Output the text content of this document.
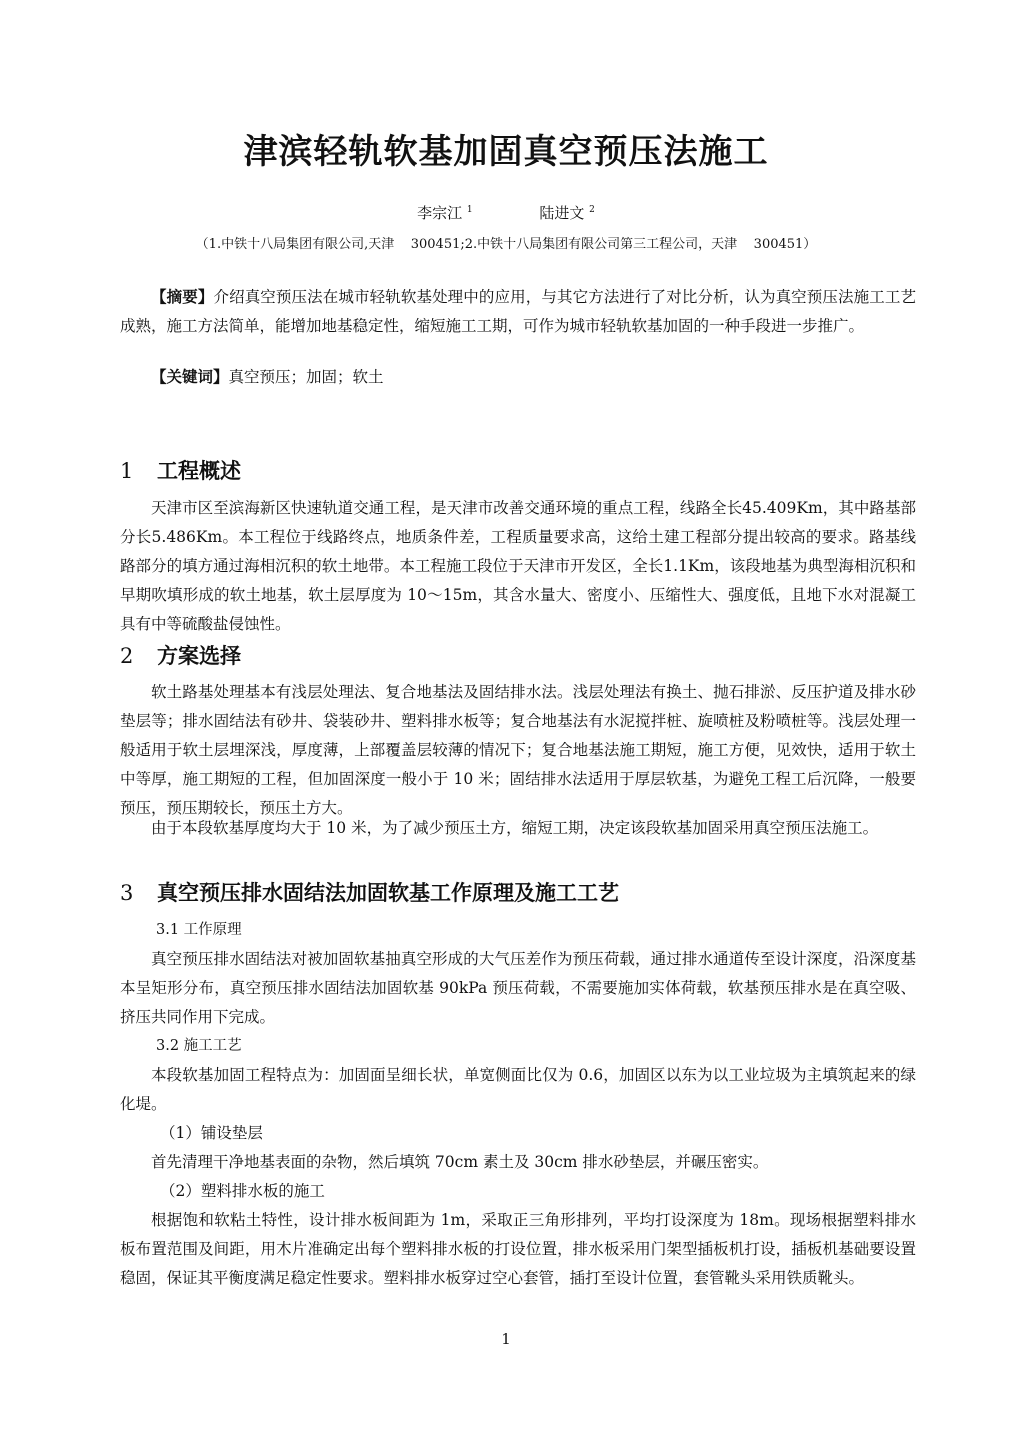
津滨轻轨软基加固真空预压法施工
李宗江 $^1$	陆进文 $^2$
（1.中铁十八局集团有限公司,天津    300451;2.中铁十八局集团有限公司第三工程公司，天津    300451）
【摘要】介绍真空预压法在城市轻轨软基处理中的应用，与其它方法进行了对比分析，认为真空预压法施工工艺成熟，施工方法简单，能增加地基稳定性，缩短施工工期，可作为城市轻轨软基加固的一种手段进一步推广。
【关键词】真空预压；加固；软土
1 工程概述
天津市区至滨海新区快速轨道交通工程，是天津市改善交通环境的重点工程，线路全长45.409Km，其中路基部分长5.486Km。本工程位于线路终点，地质条件差，工程质量要求高，这给土建工程部分提出较高的要求。路基线路部分的填方通过海相沉积的软土地带。本工程施工段位于天津市开发区，全长1.1Km，该段地基为典型海相沉积和早期吹填形成的软土地基，软土层厚度为 10～15m，其含水量大、密度小、压缩性大、强度低，且地下水对混凝工具有中等硫酸盐侵蚀性。
2 方案选择
软土路基处理基本有浅层处理法、复合地基法及固结排水法。浅层处理法有换土、抛石排淤、反压护道及排水砂垫层等；排水固结法有砂井、袋装砂井、塑料排水板等；复合地基法有水泥搅拌桩、旋喷桩及粉喷桩等。浅层处理一般适用于软土层埋深浅，厚度薄，上部覆盖层较薄的情况下；复合地基法施工期短，施工方便，见效快，适用于软土中等厚，施工期短的工程，但加固深度一般小于 10 米；固结排水法适用于厚层软基，为避免工程工后沉降，一般要预压，预压期较长，预压土方大。
由于本段软基厚度均大于 10 米，为了减少预压土方，缩短工期，决定该段软基加固采用真空预压法施工。
3 真空预压排水固结法加固软基工作原理及施工工艺

3.1 工作原理

真空预压排水固结法对被加固软基抽真空形成的大气压差作为预压荷载，通过排水通道传至设计深度，沿深度基本呈矩形分布，真空预压排水固结法加固软基 90kPa 预压荷载，不需要施加实体荷载，软基预压排水是在真空吸、挤压共同作用下完成。

3.2 施工工艺

本段软基加固工程特点为：加固面呈细长状，单宽侧面比仅为 0.6，加固区以东为以工业垃圾为主填筑起来的绿化堤。

（1）铺设垫层

首先清理干净地基表面的杂物，然后填筑 70cm 素土及 30cm 排水砂垫层，并碾压密实。

（2）塑料排水板的施工

根据饱和软粘土特性，设计排水板间距为 1m，采取正三角形排列，平均打设深度为 18m。现场根据塑料排水板布置范围及间距，用木片准确定出每个塑料排水板的打设位置，排水板采用门架型插板机打设，插板机基础要设置稳固，保证其平衡度满足稳定性要求。塑料排水板穿过空心套管，插打至设计位置，套管靴头采用铁质靴头。

1
